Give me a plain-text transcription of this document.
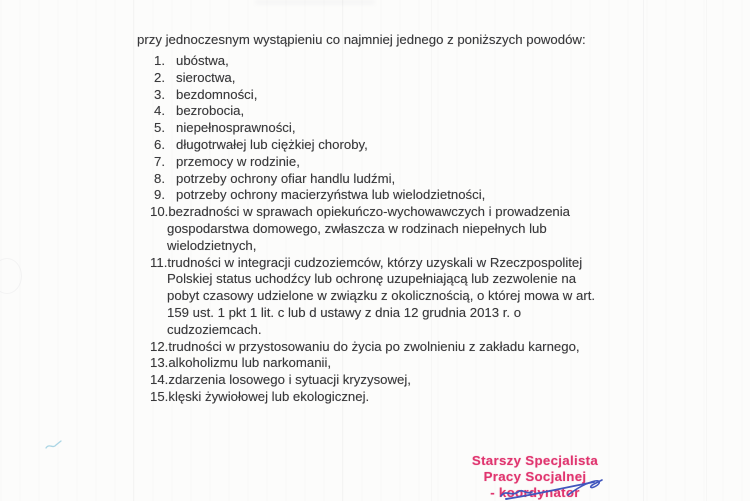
przy jednoczesnym wystąpieniu co najmniej jednego z poniższych powodów:

1. ubóstwa,
2. sieroctwa,
3. bezdomności,
4. bezrobocia,
5. niepełnosprawności,
6. długotrwałej lub ciężkiej choroby,
7. przemocy w rodzinie,
8. potrzeby ochrony ofiar handlu ludźmi,
9. potrzeby ochrony macierzyństwa lub wielodzietności,
10. bezradności w sprawach opiekuńczo-wychowawczych i prowadzenia
gospodarstwa domowego, zwłaszcza w rodzinach niepełnych lub
wielodzietnych,
11. trudności w integracji cudzoziemców, którzy uzyskali w Rzeczpospolitej
Polskiej status uchodźcy lub ochronę uzupełniającą lub zezwolenie na
pobyt czasowy udzielone w związku z okolicznością, o której mowa w art.
159 ust. 1 pkt 1 lit. c lub d ustawy z dnia 12 grudnia 2013 r. o
cudzoziemcach.
12. trudności w przystosowaniu do życia po zwolnieniu z zakładu karnego,
13. alkoholizmu lub narkomanii,
14. zdarzenia losowego i sytuacji kryzysowej,
15. klęski żywiołowej lub ekologicznej.
Starszy Specjalista
Pracy Socjalnej
- koordynator
